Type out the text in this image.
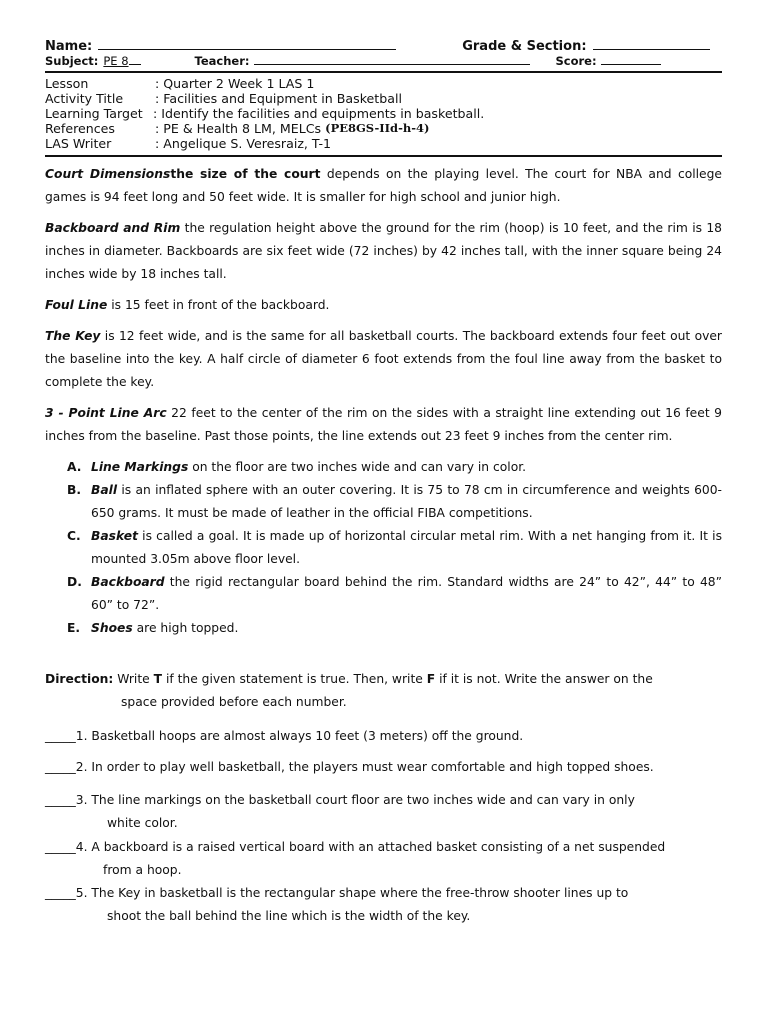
Name:	Grade & Section:
Subject: PE 8	Teacher:	Score:
Lesson	:
Quarter 2 Week 1 LAS 1
Activity Title	:
Facilities and Equipment in Basketball
Learning Target :
Identify the facilities and equipments in basketball.
References	:
PE & Health 8 LM, MELCs
(PE8GS-IId-h-4)
LAS Writer	:
Angelique S. Veresraiz, T-1

Court Dimensionsthe size of the court depends on the playing level. The court for NBA and college games is 94 feet long and 50 feet wide. It is smaller for high school and junior high.

Backboard and Rim the regulation height above the ground for the rim (hoop) is 10 feet, and the rim is 18 inches in diameter. Backboards are six feet wide (72 inches) by 42 inches tall, with the inner square being 24 inches wide by 18 inches tall.

Foul Line is 15 feet in front of the backboard.

The Key is 12 feet wide, and is the same for all basketball courts. The backboard extends four feet out over the baseline into the key. A half circle of diameter 6 foot extends from the foul line away from the basket to complete the key.

3 - Point Line Arc 22 feet to the center of the rim on the sides with a straight line extending out 16 feet 9 inches from the baseline. Past those points, the line extends out 23 feet 9 inches from the center rim.

A. Line Markings on the floor are two inches wide and can vary in color.
B. Ball is an inflated sphere with an outer covering. It is 75 to 78 cm in circumference and weights 600-650 grams. It must be made of leather in the official FIBA competitions.
C. Basket is called a goal. It is made up of horizontal circular metal rim. With a net hanging from it. It is mounted 3.05m above floor level.
D. Backboard the rigid rectangular board behind the rim. Standard widths are 24” to 42”, 44” to 48” 60” to 72”.
E. Shoes are high topped.
Direction: Write T if the given statement is true. Then, write F if it is not. Write the answer on the
space provided before each number.
_____1. Basketball hoops are almost always 10 feet (3 meters) off the ground.
_____2. In order to play well basketball, the players must wear comfortable and high topped shoes.
_____3. The line markings on the basketball court floor are two inches wide and can vary in only
white color.
_____4. A backboard is a raised vertical board with an attached basket consisting of a net suspended
from a hoop.
_____5. The Key in basketball is the rectangular shape where the free-throw shooter lines up to
shoot the ball behind the line which is the width of the key.
